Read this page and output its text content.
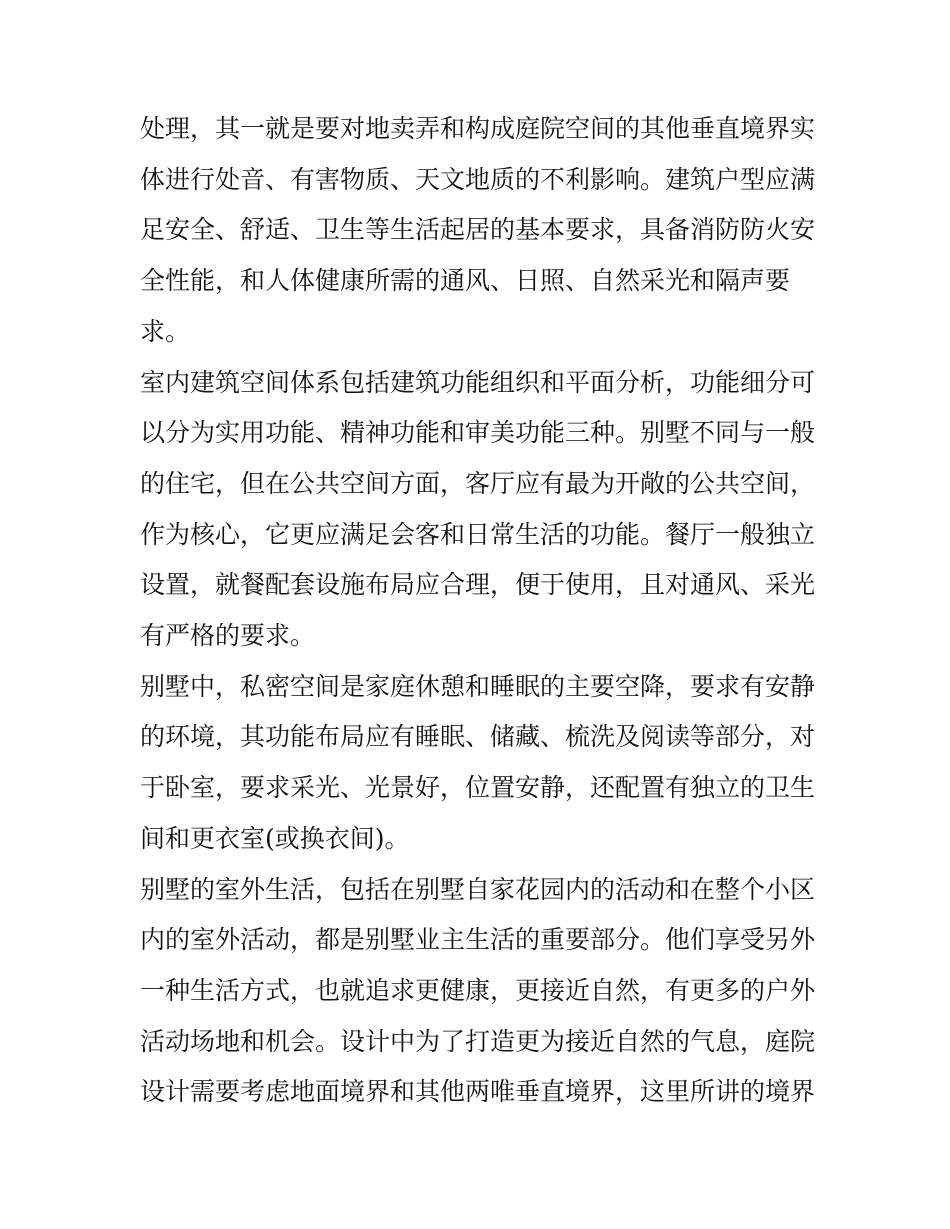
处理，其一就是要对地卖弄和构成庭院空间的其他垂直境界实
体进行处音、有害物质、天文地质的不利影响。建筑户型应满
足安全、舒适、卫生等生活起居的基本要求，具备消防防火安
全性能，和人体健康所需的通风、日照、自然采光和隔声要
求。
室内建筑空间体系包括建筑功能组织和平面分析，功能细分可
以分为实用功能、精神功能和审美功能三种。别墅不同与一般
的住宅，但在公共空间方面，客厅应有最为开敞的公共空间，
作为核心，它更应满足会客和日常生活的功能。餐厅一般独立
设置，就餐配套设施布局应合理，便于使用，且对通风、采光
有严格的要求。
别墅中，私密空间是家庭休憩和睡眠的主要空降，要求有安静
的环境，其功能布局应有睡眠、储藏、梳洗及阅读等部分，对
于卧室，要求采光、光景好，位置安静，还配置有独立的卫生
间和更衣室(或换衣间)。
别墅的室外生活，包括在别墅自家花园内的活动和在整个小区
内的室外活动，都是别墅业主生活的重要部分。他们享受另外
一种生活方式，也就追求更健康，更接近自然，有更多的户外
活动场地和机会。设计中为了打造更为接近自然的气息，庭院
设计需要考虑地面境界和其他两唯垂直境界，这里所讲的境界
